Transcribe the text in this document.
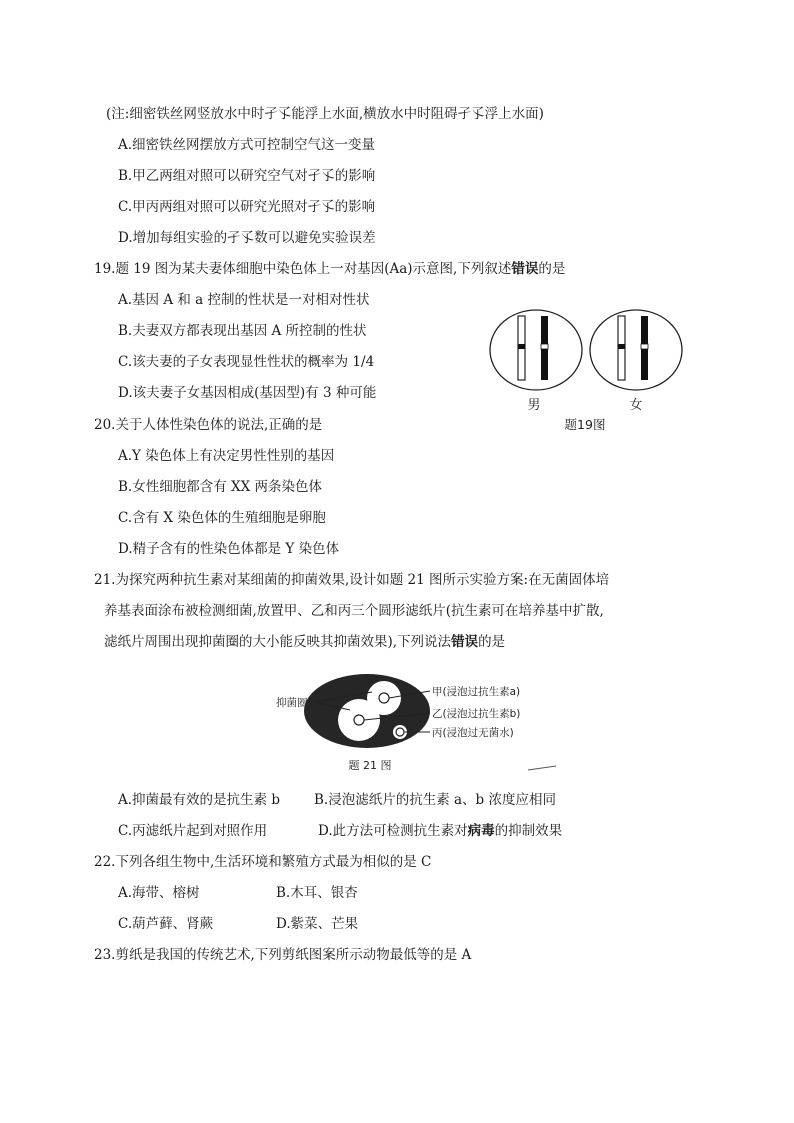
(注:细密铁丝网竖放水中时孑孓能浮上水面,横放水中时阻碍孑孓浮上水面)
A.细密铁丝网摆放方式可控制空气这一变量
B.甲乙两组对照可以研究空气对孑孓的影响
C.甲丙两组对照可以研究光照对孑孓的影响
D.增加每组实验的孑孓数可以避免实验误差
19.题 19 图为某夫妻体细胞中染色体上一对基因(Aa)示意图,下列叙述错误的是
A.基因 A 和 a 控制的性状是一对相对性状
B.夫妻双方都表现出基因 A 所控制的性状
C.该夫妻的子女表现显性性状的概率为 1/4
D.该夫妻子女基因相成(基因型)有 3 种可能
男	女
题19图
20.关于人体性染色体的说法,正确的是
A.Y 染色体上有决定男性性别的基因
B.女性细胞都含有 XX 两条染色体
C.含有 X 染色体的生殖细胞是卵胞
D.精子含有的性染色体都是 Y 染色体
21.为探究两种抗生素对某细菌的抑菌效果,设计如题 21 图所示实验方案:在无菌固体培
养基表面涂布被检测细菌,放置甲、乙和丙三个圆形滤纸片(抗生素可在培养基中扩散,
滤纸片周围出现抑菌圈的大小能反映其抑菌效果),下列说法错误的是
抑菌圈
甲(浸泡过抗生素a)
乙(浸泡过抗生素b)
丙(浸泡过无菌水)
题 21 图
A.抑菌最有效的是抗生素 b	B.浸泡滤纸片的抗生素 a、b 浓度应相同
C.丙滤纸片起到对照作用	D.此方法可检测抗生素对病毒的抑制效果
22.下列各组生物中,生活环境和繁殖方式最为相似的是 C
A.海带、榕树	B.木耳、银杏
C.葫芦藓、肾蕨	D.紫菜、芒果
23.剪纸是我国的传统艺术,下列剪纸图案所示动物最低等的是 A
